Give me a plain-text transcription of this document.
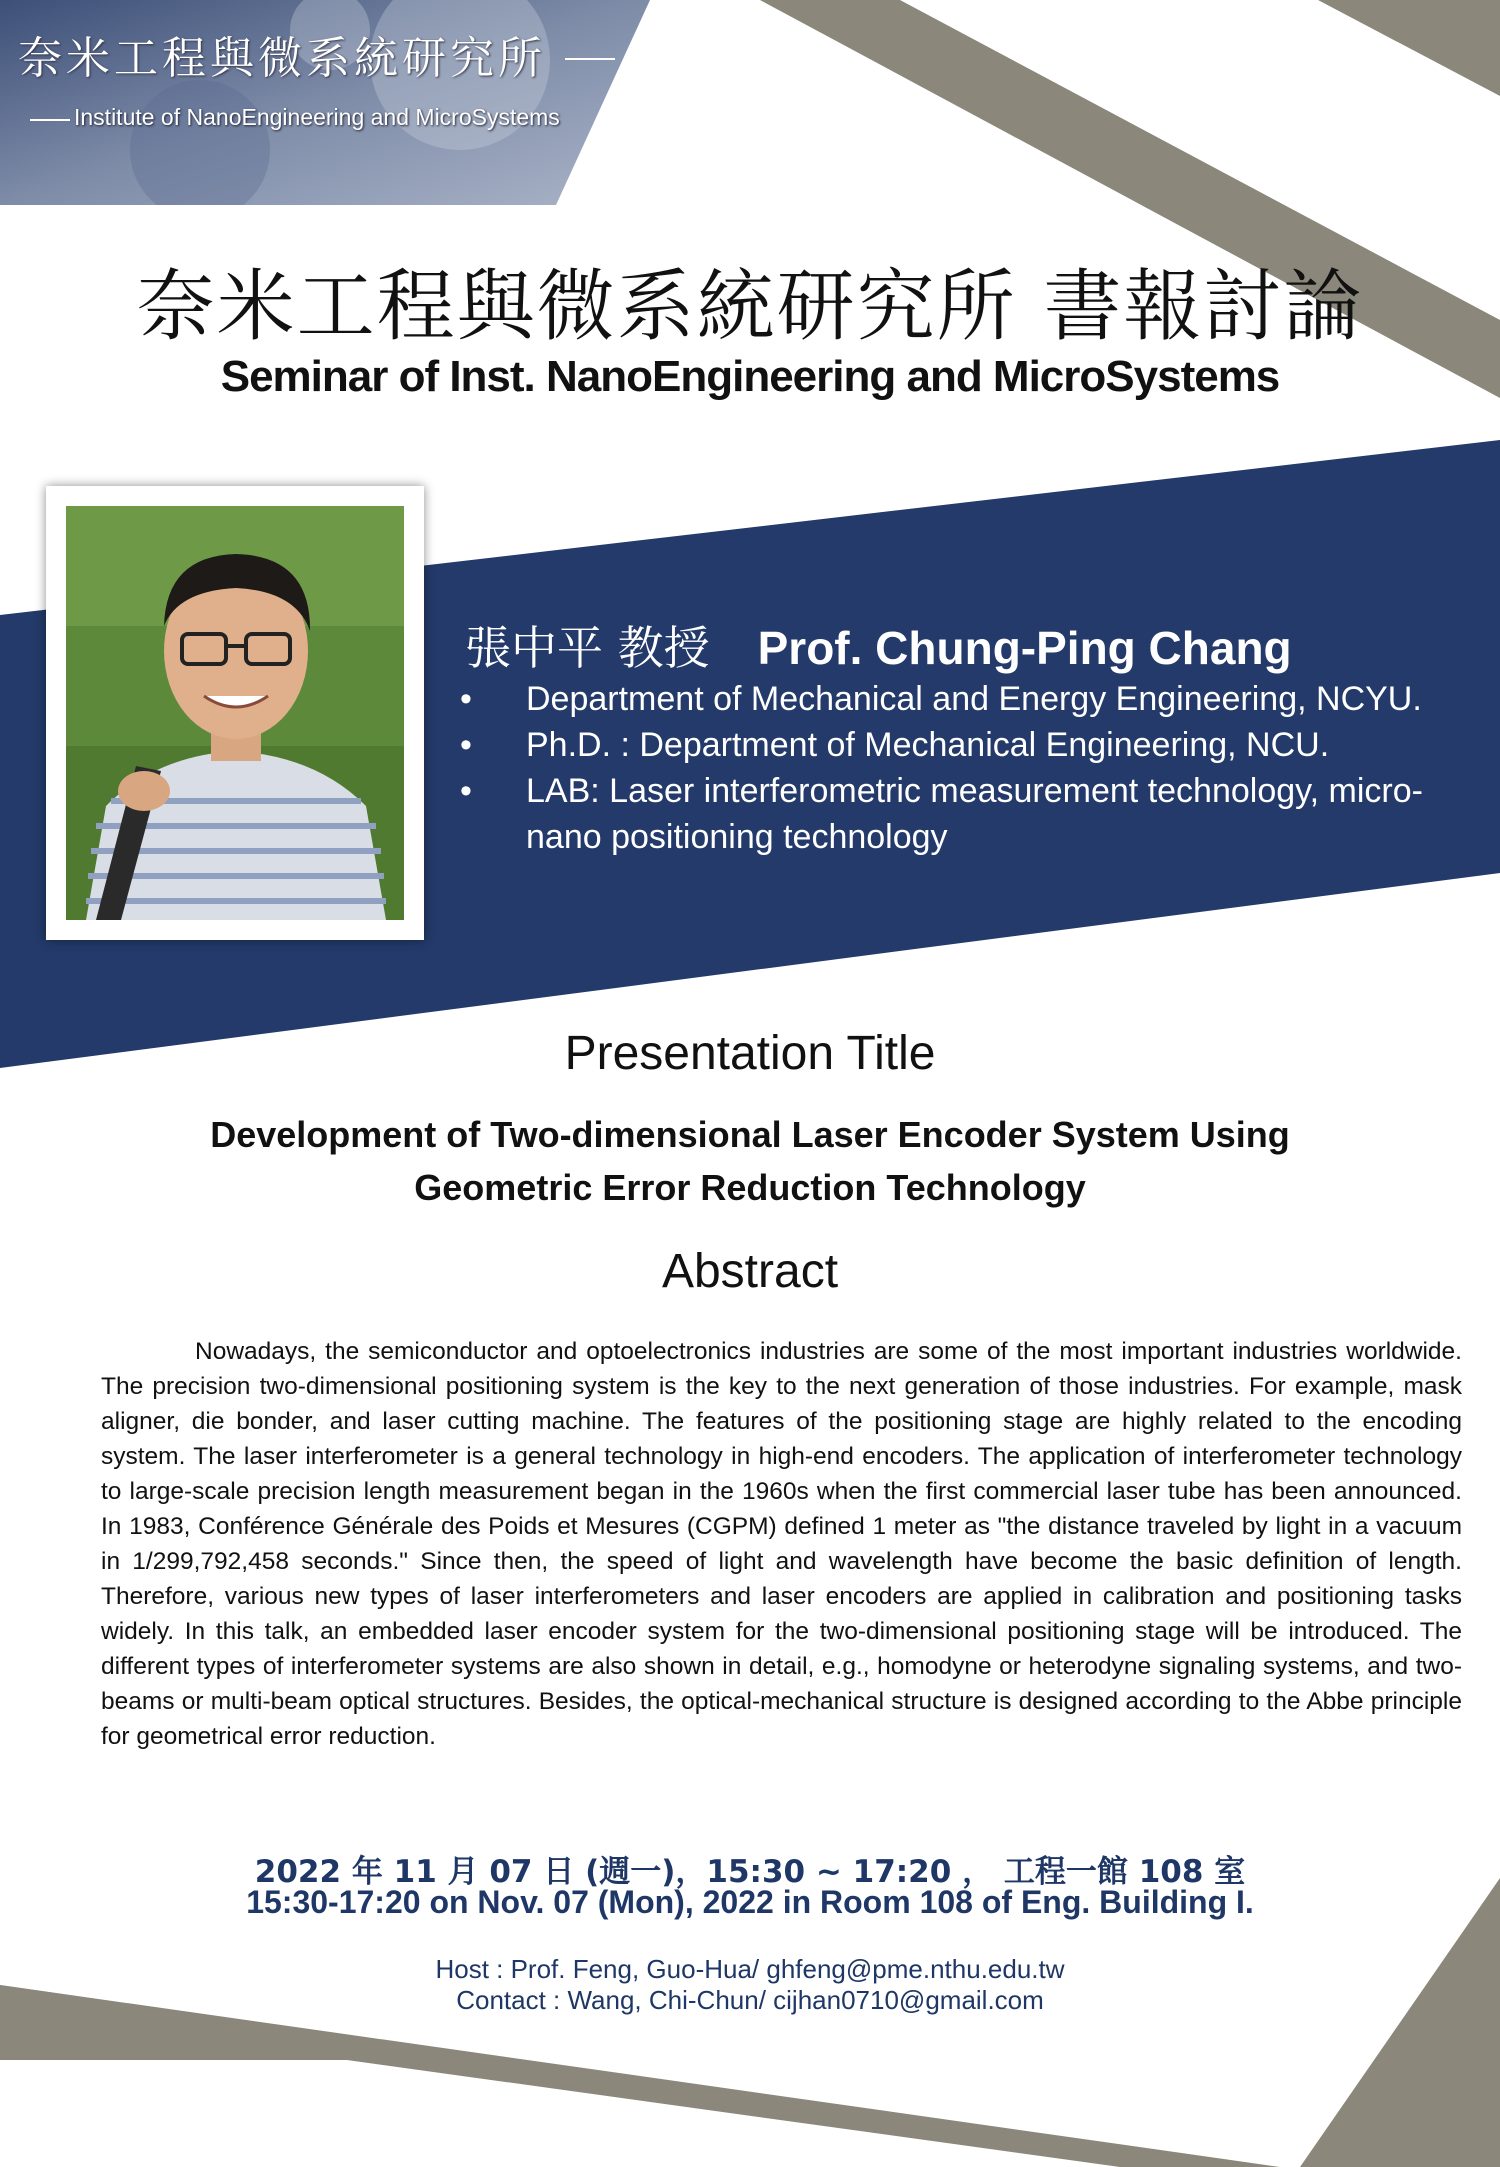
奈米工程與微系統研究所
Institute of NanoEngineering and MicroSystems
奈米工程與微系統研究所 書報討論
Seminar of Inst. NanoEngineering and MicroSystems
張中平 教授 Prof. Chung-Ping Chang
• Department of Mechanical and Energy Engineering, NCYU.
• Ph.D. : Department of Mechanical Engineering, NCU.
• LAB: Laser interferometric measurement technology, micro-nano positioning technology
Presentation Title
Development of Two-dimensional Laser Encoder System Using
Geometric Error Reduction Technology
Abstract

Nowadays, the semiconductor and optoelectronics industries are some of the most important industries worldwide. The precision two-dimensional positioning system is the key to the next generation of those industries. For example, mask aligner, die bonder, and laser cutting machine. The features of the positioning stage are highly related to the encoding system. The laser interferometer is a general technology in high-end encoders. The application of interferometer technology to large-scale precision length measurement began in the 1960s when the first commercial laser tube has been announced. In 1983, Conférence Générale des Poids et Mesures (CGPM) defined 1 meter as "the distance traveled by light in a vacuum in 1/299,792,458 seconds." Since then, the speed of light and wavelength have become the basic definition of length. Therefore, various new types of laser interferometers and laser encoders are applied in calibration and positioning tasks widely. In this talk, an embedded laser encoder system for the two-dimensional positioning stage will be introduced. The different types of interferometer systems are also shown in detail, e.g., homodyne or heterodyne signaling systems, and two-beams or multi-beam optical structures. Besides, the optical-mechanical structure is designed according to the Abbe principle for geometrical error reduction.

2022 年 11 月 07 日 (週一)，15:30 ~ 17:20 ， 工程一館 108 室
15:30-17:20 on Nov. 07 (Mon), 2022 in Room 108 of Eng. Building I.
Host : Prof. Feng, Guo-Hua/ ghfeng@pme.nthu.edu.tw
Contact : Wang, Chi-Chun/ cijhan0710@gmail.com
